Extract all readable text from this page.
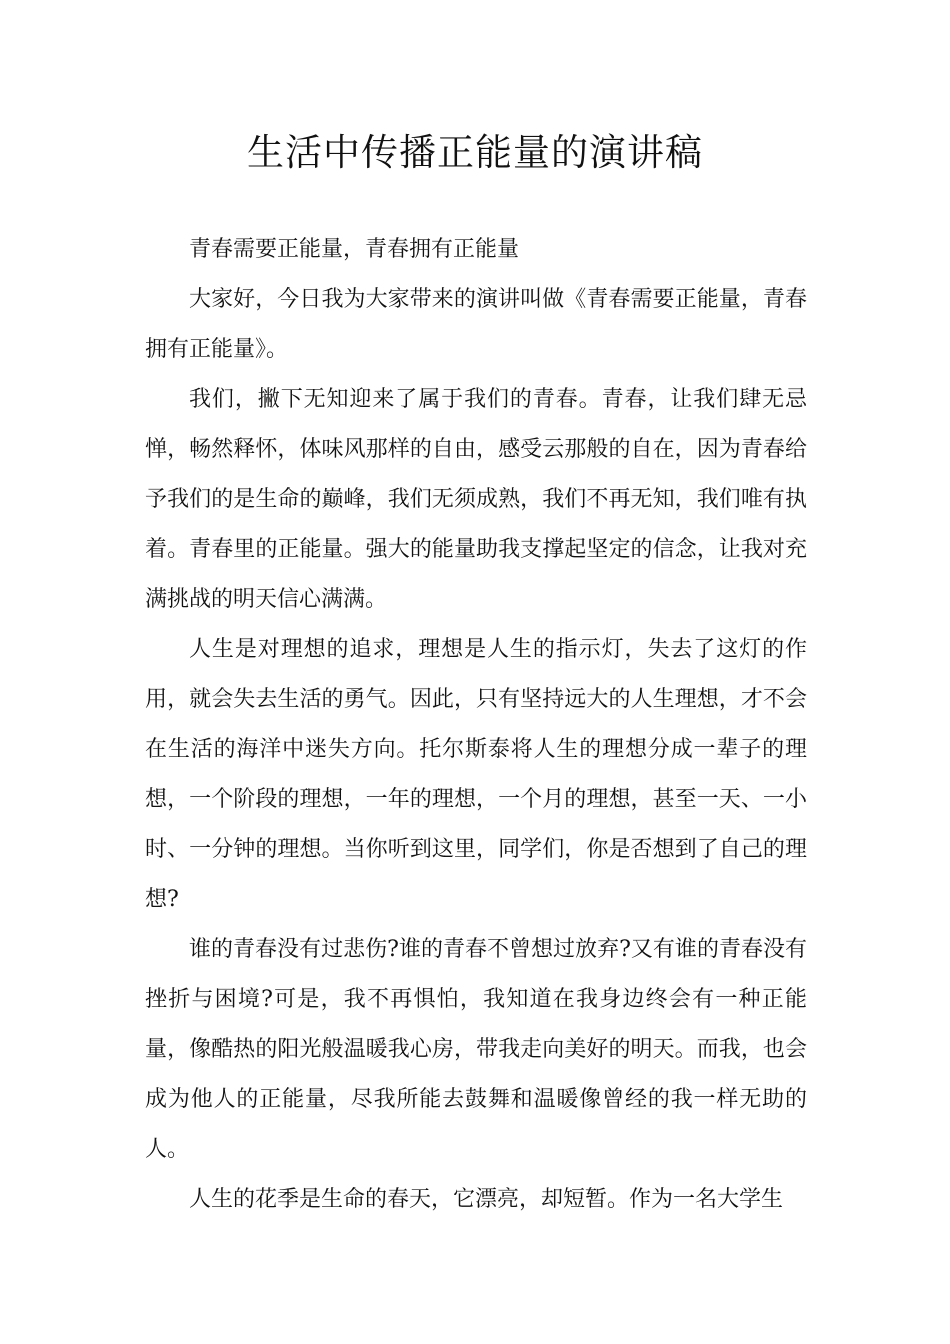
生活中传播正能量的演讲稿

青春需要正能量，青春拥有正能量

大家好，今日我为大家带来的演讲叫做《青春需要正能量，青春拥有正能量》。

我们，撇下无知迎来了属于我们的青春。青春，让我们肆无忌惮，畅然释怀，体味风那样的自由，感受云那般的自在，因为青春给予我们的是生命的巅峰，我们无须成熟，我们不再无知，我们唯有执着。青春里的正能量。强大的能量助我支撑起坚定的信念，让我对充满挑战的明天信心满满。

人生是对理想的追求，理想是人生的指示灯，失去了这灯的作用，就会失去生活的勇气。因此，只有坚持远大的人生理想，才不会在生活的海洋中迷失方向。托尔斯泰将人生的理想分成一辈子的理想，一个阶段的理想，一年的理想，一个月的理想，甚至一天、一小时、一分钟的理想。当你听到这里，同学们，你是否想到了自己的理想?

谁的青春没有过悲伤?谁的青春不曾想过放弃?又有谁的青春没有挫折与困境?可是，我不再惧怕，我知道在我身边终会有一种正能量，像酷热的阳光般温暖我心房，带我走向美好的明天。而我，也会成为他人的正能量，尽我所能去鼓舞和温暖像曾经的我一样无助的人。

人生的花季是生命的春天，它漂亮，却短暂。作为一名大学生
